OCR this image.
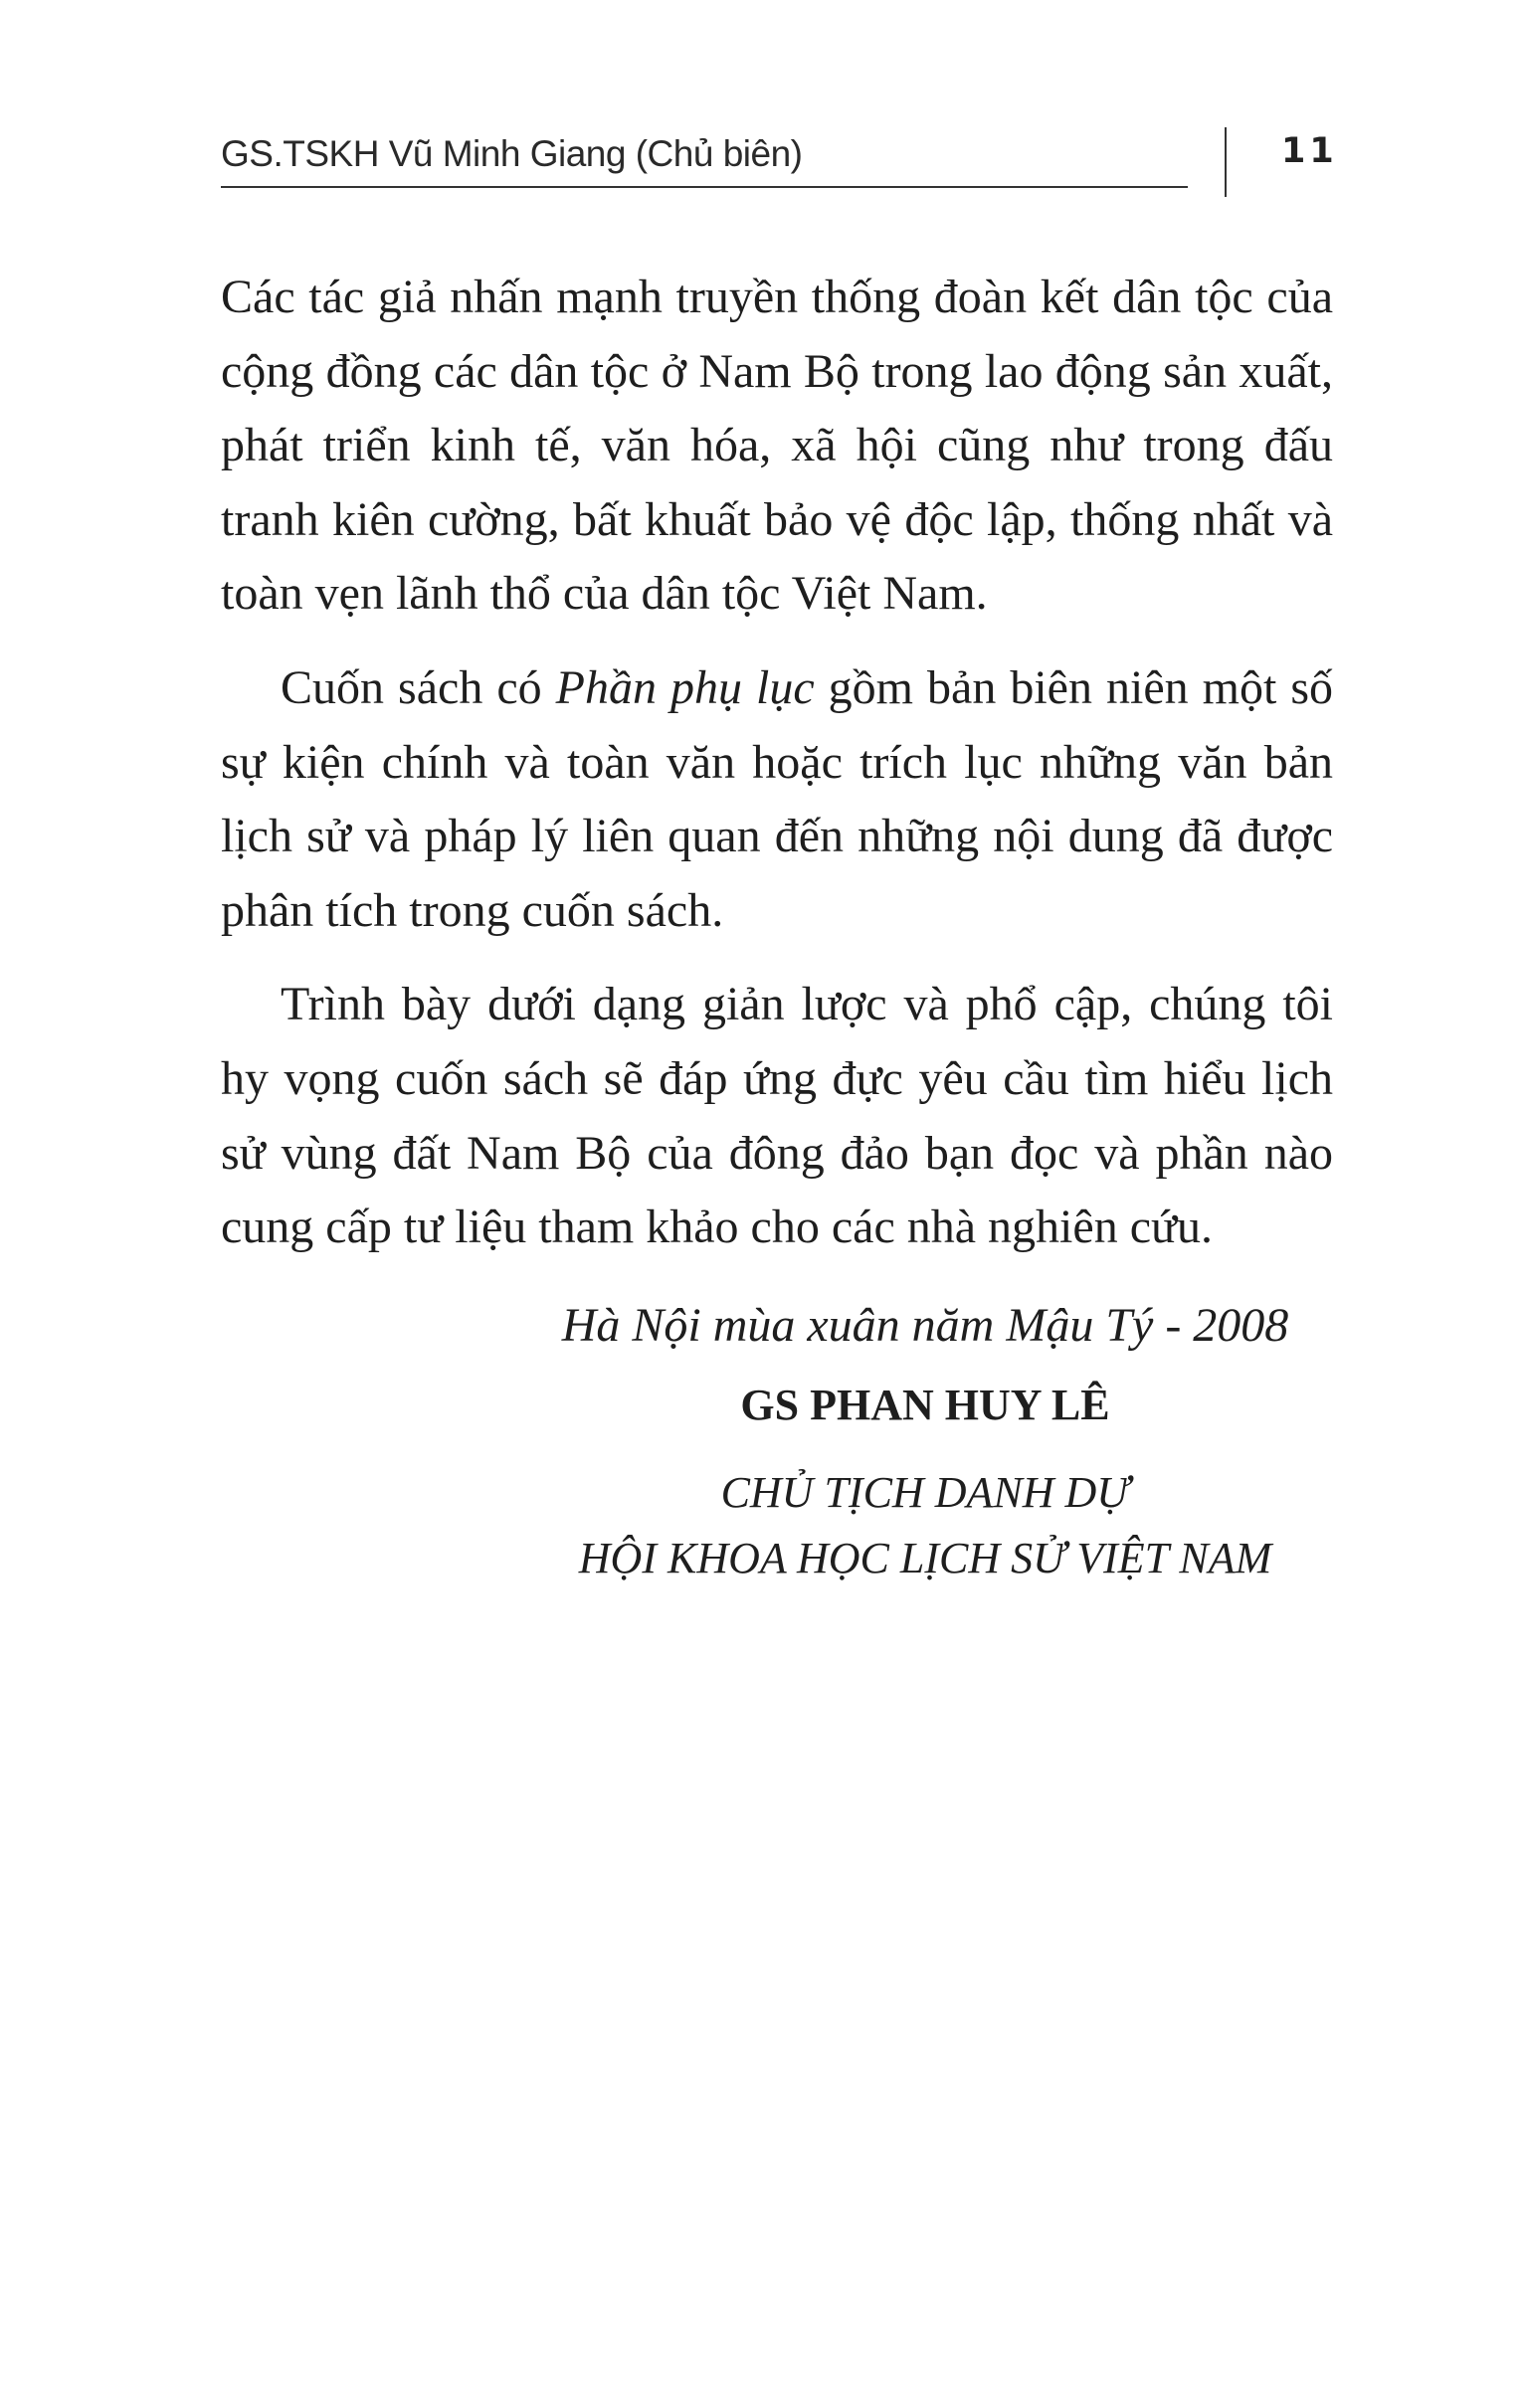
GS.TSKH Vũ Minh Giang (Chủ biên)	11

Các tác giả nhấn mạnh truyền thống đoàn kết dân tộc của cộng đồng các dân tộc ở Nam Bộ trong lao động sản xuất, phát triển kinh tế, văn hóa, xã hội cũng như trong đấu tranh kiên cường, bất khuất bảo vệ độc lập, thống nhất và toàn vẹn lãnh thổ của dân tộc Việt Nam.

Cuốn sách có Phần phụ lục gồm bản biên niên một số sự kiện chính và toàn văn hoặc trích lục những văn bản lịch sử và pháp lý liên quan đến những nội dung đã được phân tích trong cuốn sách.

Trình bày dưới dạng giản lược và phổ cập, chúng tôi hy vọng cuốn sách sẽ đáp ứng đực yêu cầu tìm hiểu lịch sử vùng đất Nam Bộ của đông đảo bạn đọc và phần nào cung cấp tư liệu tham khảo cho các nhà nghiên cứu.

Hà Nội mùa xuân năm Mậu Tý - 2008

GS PHAN HUY LÊ

CHỦ TỊCH DANH DỰ

HỘI KHOA HỌC LỊCH SỬ VIỆT NAM
